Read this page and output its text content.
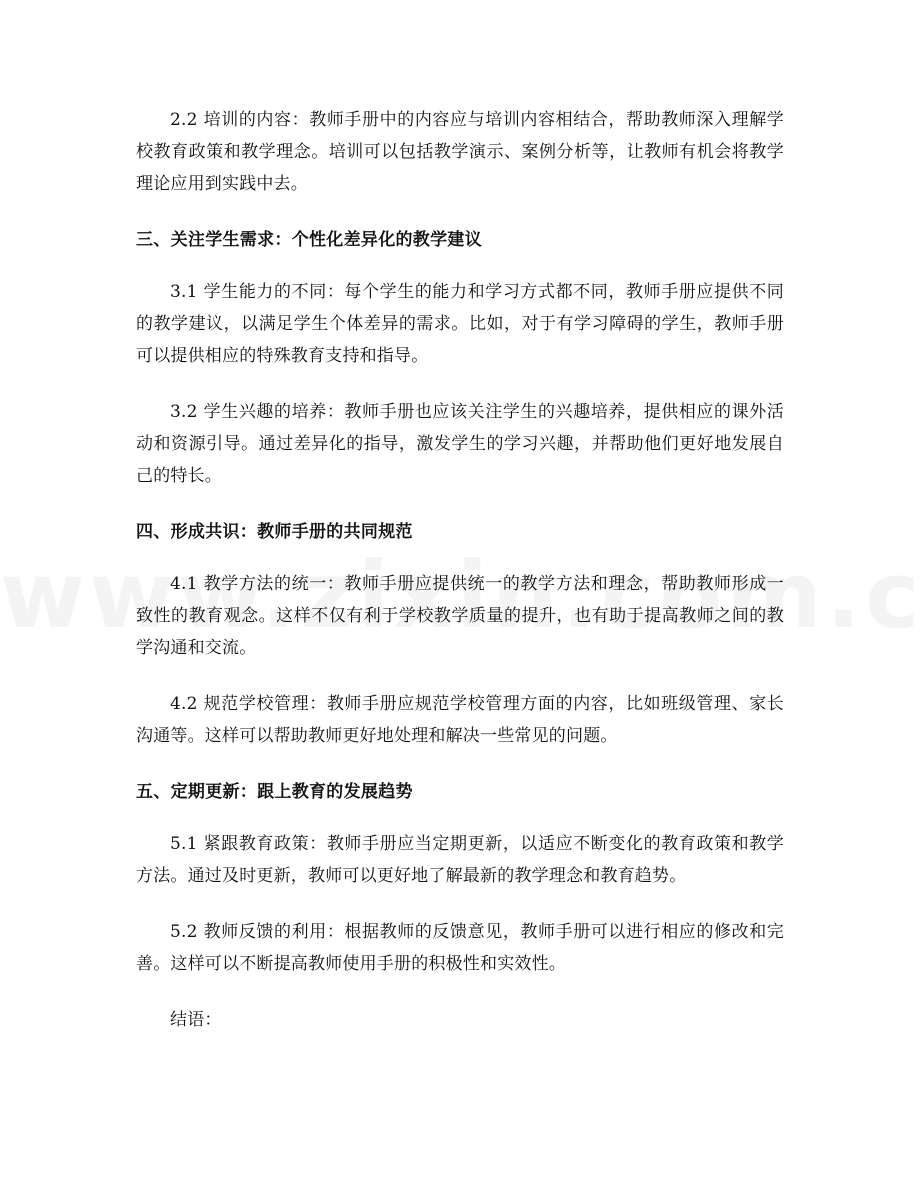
2.2 培训的内容：教师手册中的内容应与培训内容相结合，帮助教师深入理解学校教育政策和教学理念。培训可以包括教学演示、案例分析等，让教师有机会将教学理论应用到实践中去。

三、关注学生需求：个性化差异化的教学建议

3.1 学生能力的不同：每个学生的能力和学习方式都不同，教师手册应提供不同的教学建议，以满足学生个体差异的需求。比如，对于有学习障碍的学生，教师手册可以提供相应的特殊教育支持和指导。

3.2 学生兴趣的培养：教师手册也应该关注学生的兴趣培养，提供相应的课外活动和资源引导。通过差异化的指导，激发学生的学习兴趣，并帮助他们更好地发展自己的特长。

四、形成共识：教师手册的共同规范

4.1 教学方法的统一：教师手册应提供统一的教学方法和理念，帮助教师形成一致性的教育观念。这样不仅有利于学校教学质量的提升，也有助于提高教师之间的教学沟通和交流。

4.2 规范学校管理：教师手册应规范学校管理方面的内容，比如班级管理、家长沟通等。这样可以帮助教师更好地处理和解决一些常见的问题。

五、定期更新：跟上教育的发展趋势

5.1 紧跟教育政策：教师手册应当定期更新，以适应不断变化的教育政策和教学方法。通过及时更新，教师可以更好地了解最新的教学理念和教育趋势。

5.2 教师反馈的利用：根据教师的反馈意见，教师手册可以进行相应的修改和完善。这样可以不断提高教师使用手册的积极性和实效性。

结语：
